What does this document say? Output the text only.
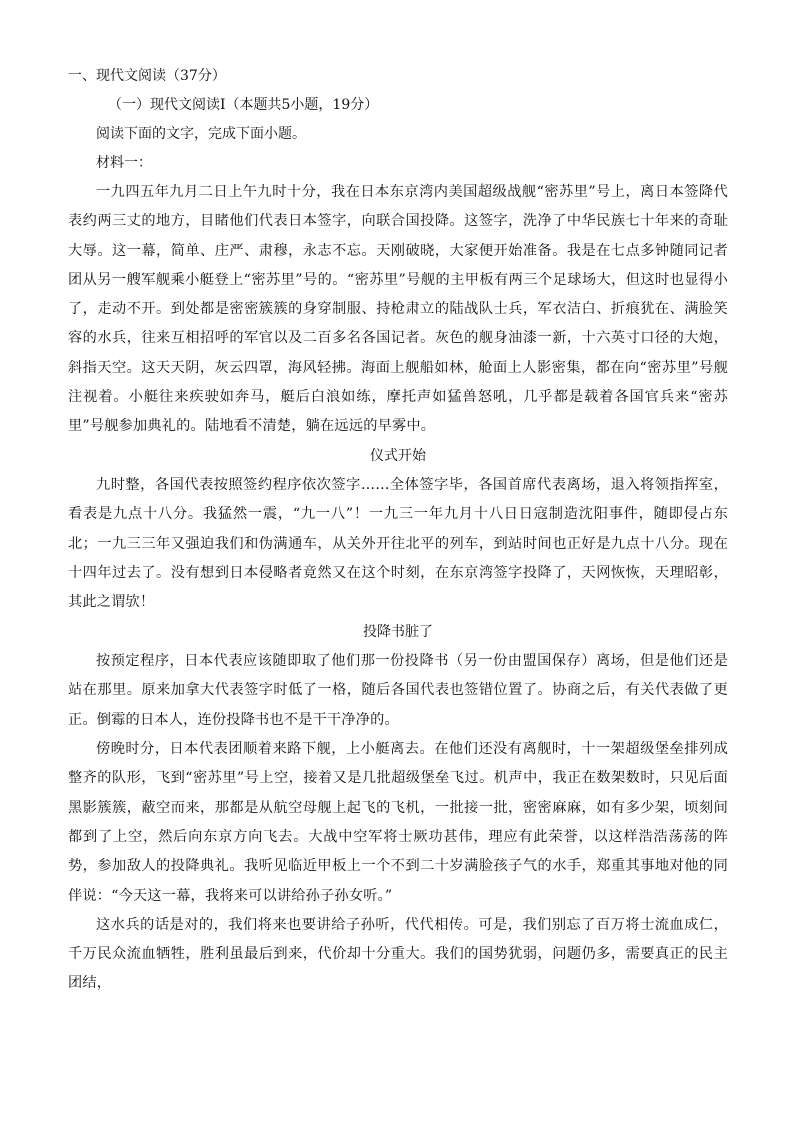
一、现代文阅读（37分）

（一）现代文阅读Ⅰ（本题共5小题，19分）

阅读下面的文字，完成下面小题。

材料一：

一九四五年九月二日上午九时十分，我在日本东京湾内美国超级战舰“密苏里”号上，离日本签降代表约两三丈的地方，目睹他们代表日本签字，向联合国投降。这签字，洗净了中华民族七十年来的奇耻大辱。这一幕，简单、庄严、肃穆，永志不忘。天刚破晓，大家便开始准备。我是在七点多钟随同记者团从另一艘军舰乘小艇登上“密苏里”号的。“密苏里”号舰的主甲板有两三个足球场大，但这时也显得小了，走动不开。到处都是密密簇簇的身穿制服、持枪肃立的陆战队士兵，军衣洁白、折痕犹在、满脸笑容的水兵，往来互相招呼的军官以及二百多名各国记者。灰色的舰身油漆一新，十六英寸口径的大炮，斜指天空。这天天阴，灰云四罩，海风轻拂。海面上舰船如林，舱面上人影密集，都在向“密苏里”号舰注视着。小艇往来疾驶如奔马，艇后白浪如练，摩托声如猛兽怒吼，几乎都是载着各国官兵来“密苏里”号舰参加典礼的。陆地看不清楚，躺在远远的早雾中。

仪式开始

九时整，各国代表按照签约程序依次签字……全体签字毕，各国首席代表离场，退入将领指挥室，看表是九点十八分。我猛然一震，“九一八”！一九三一年九月十八日日寇制造沈阳事件，随即侵占东北；一九三三年又强迫我们和伪满通车，从关外开往北平的列车，到站时间也正好是九点十八分。现在十四年过去了。没有想到日本侵略者竟然又在这个时刻，在东京湾签字投降了，天网恢恢，天理昭彰，其此之谓欤！

投降书脏了

按预定程序，日本代表应该随即取了他们那一份投降书（另一份由盟国保存）离场，但是他们还是站在那里。原来加拿大代表签字时低了一格，随后各国代表也签错位置了。协商之后，有关代表做了更正。倒霉的日本人，连份投降书也不是干干净净的。

傍晚时分，日本代表团顺着来路下舰，上小艇离去。在他们还没有离舰时，十一架超级堡垒排列成整齐的队形，飞到“密苏里”号上空，接着又是几批超级堡垒飞过。机声中，我正在数架数时，只见后面黑影簇簇，蔽空而来，那都是从航空母舰上起飞的飞机，一批接一批，密密麻麻，如有多少架，顷刻间都到了上空，然后向东京方向飞去。大战中空军将士厥功甚伟，理应有此荣誉，以这样浩浩荡荡的阵势，参加敌人的投降典礼。我听见临近甲板上一个不到二十岁满脸孩子气的水手，郑重其事地对他的同伴说：“今天这一幕，我将来可以讲给孙子孙女听。”

这水兵的话是对的，我们将来也要讲给子孙听，代代相传。可是，我们别忘了百万将士流血成仁，千万民众流血牺牲，胜利虽最后到来，代价却十分重大。我们的国势犹弱，问题仍多，需要真正的民主团结，
